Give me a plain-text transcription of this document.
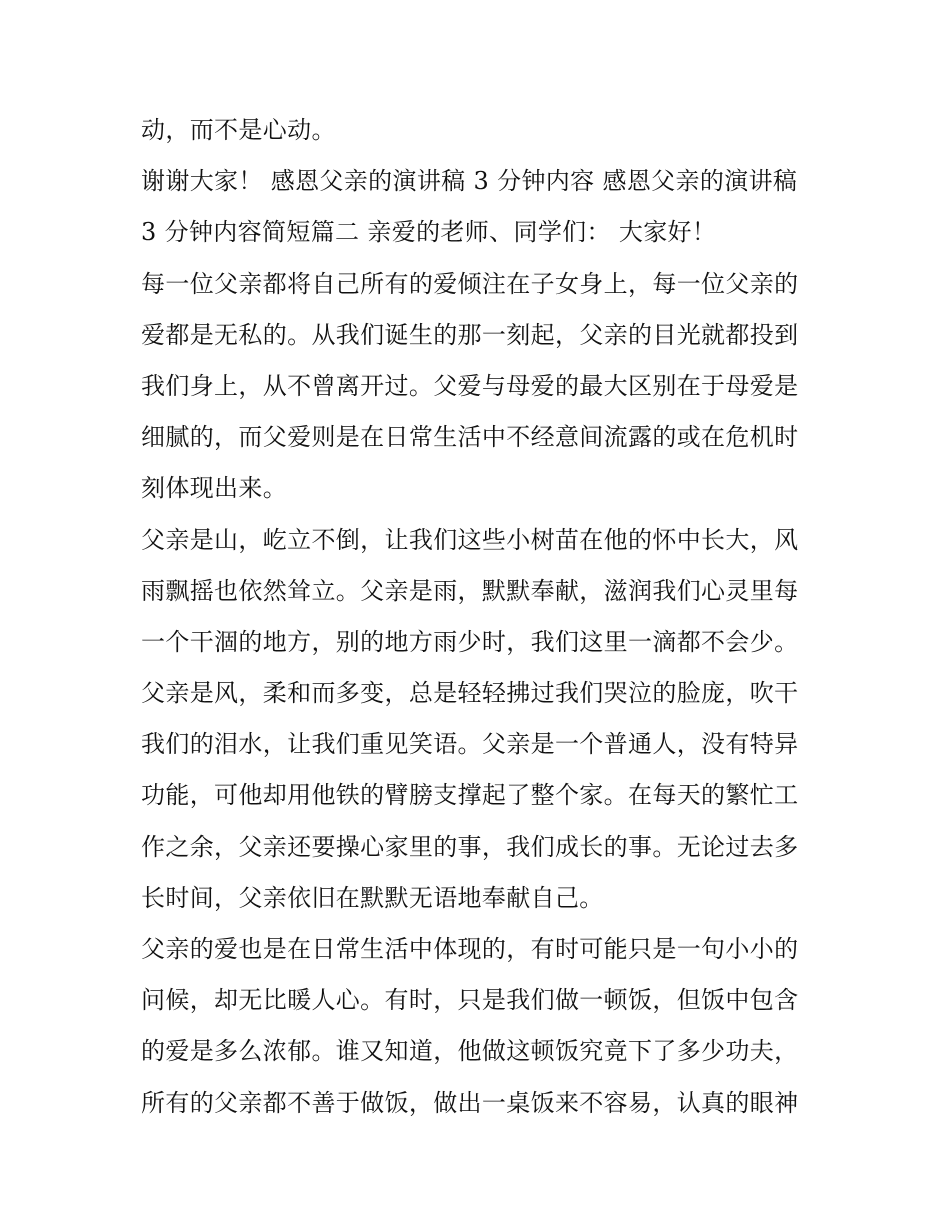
动，而不是心动。
谢谢大家！ 感恩父亲的演讲稿 3 分钟内容 感恩父亲的演讲稿
3 分钟内容简短篇二 亲爱的老师、同学们： 大家好！
每一位父亲都将自己所有的爱倾注在子女身上，每一位父亲的
爱都是无私的。从我们诞生的那一刻起，父亲的目光就都投到
我们身上，从不曾离开过。父爱与母爱的最大区别在于母爱是
细腻的，而父爱则是在日常生活中不经意间流露的或在危机时
刻体现出来。
父亲是山，屹立不倒，让我们这些小树苗在他的怀中长大，风
雨飘摇也依然耸立。父亲是雨，默默奉献，滋润我们心灵里每
一个干涸的地方，别的地方雨少时，我们这里一滴都不会少。
父亲是风，柔和而多变，总是轻轻拂过我们哭泣的脸庞，吹干
我们的泪水，让我们重见笑语。父亲是一个普通人，没有特异
功能，可他却用他铁的臂膀支撑起了整个家。在每天的繁忙工
作之余，父亲还要操心家里的事，我们成长的事。无论过去多
长时间，父亲依旧在默默无语地奉献自己。
父亲的爱也是在日常生活中体现的，有时可能只是一句小小的
问候，却无比暖人心。有时，只是我们做一顿饭，但饭中包含
的爱是多么浓郁。谁又知道，他做这顿饭究竟下了多少功夫，
所有的父亲都不善于做饭，做出一桌饭来不容易，认真的眼神
